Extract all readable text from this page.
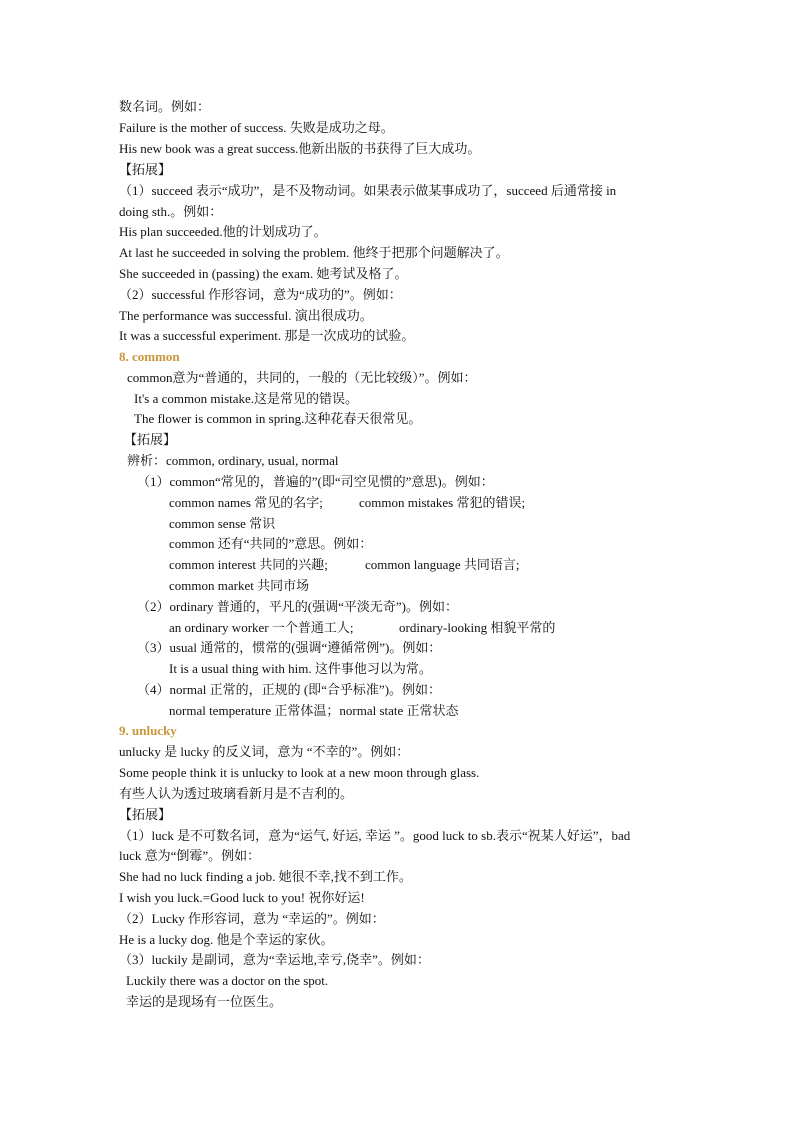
数名词。例如：
Failure is the mother of success. 失败是成功之母。
His new book was a great success.他新出版的书获得了巨大成功。
【拓展】
（1）succeed 表示“成功”，是不及物动词。如果表示做某事成功了，succeed 后通常接 in
doing sth.。例如：
His plan succeeded.他的计划成功了。
At last he succeeded in solving the problem. 他终于把那个问题解决了。
She succeeded in (passing) the exam. 她考试及格了。
（2）successful 作形容词，意为“成功的”。例如：
The performance was successful. 演出很成功。
It was a successful experiment. 那是一次成功的试验。
8. common
common意为“普通的，共同的，一般的（无比较级）”。例如：
It's a common mistake.这是常见的错误。
The flower is common in spring.这种花春天很常见。
【拓展】
辨析：common, ordinary, usual, normal
（1）common“常见的，普遍的”(即“司空见惯的”意思)。例如：
common names 常见的名字;	common mistakes 常犯的错误;
common sense 常识
common 还有“共同的”意思。例如：
common interest 共同的兴趣;	common language 共同语言;
common market 共同市场
（2）ordinary 普通的，平凡的(强调“平淡无奇”)。例如：
an ordinary worker 一个普通工人;	ordinary-looking 相貌平常的
（3）usual 通常的，惯常的(强调“遵循常例”)。例如：
It is a usual thing with him. 这件事他习以为常。
（4）normal 正常的，正规的 (即“合乎标准”)。例如：
normal temperature 正常体温；normal state 正常状态
9. unlucky
unlucky 是 lucky 的反义词，意为 “不幸的”。例如：
Some people think it is unlucky to look at a new moon through glass.
有些人认为透过玻璃看新月是不吉利的。
【拓展】
（1）luck 是不可数名词，意为“运气, 好运, 幸运 ”。good luck to sb.表示“祝某人好运”，bad
luck 意为“倒霉”。例如：
She had no luck finding a job. 她很不幸,找不到工作。
I wish you luck.=Good luck to you! 祝你好运!
（2）Lucky 作形容词，意为 “幸运的”。例如：
He is a lucky dog. 他是个幸运的家伙。
（3）luckily 是副词，意为“幸运地,幸亏,侥幸”。例如：
Luckily there was a doctor on the spot.
幸运的是现场有一位医生。
